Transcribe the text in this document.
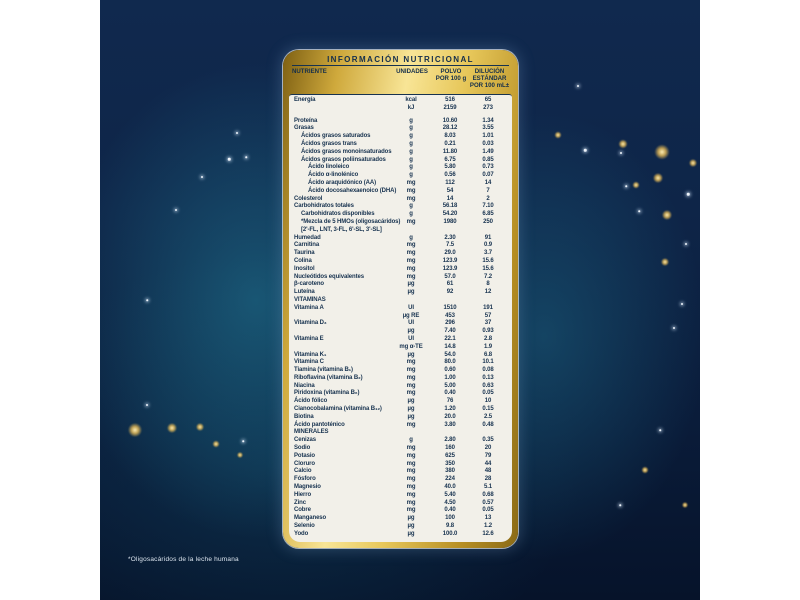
INFORMACIÓN NUTRICIONAL
NUTRIENTE	UNIDADES	POLVO
POR 100 g
DILUCIÓN
ESTÁNDAR
POR 100 mL±
Energía	kcal	516	65
kJ	2159	273
Proteína	g	10.60	1.34
Grasas	g	28.12	3.55
Ácidos grasos saturados	g	8.03	1.01
Ácidos grasos trans	g	0.21	0.03
Ácidos grasos monoinsaturados	g	11.80	1.49
Ácidos grasos poliinsaturados	g	6.75	0.85
Ácido linoleico	g	5.80	0.73
Ácido α-linolénico	g	0.56	0.07
Ácido araquidónico (AA)	mg	112	14
Ácido docosahexaenoico (DHA)	mg	54	7
Colesterol	mg	14	2
Carbohidratos totales	g	56.18	7.10
Carbohidratos disponibles	g	54.20	6.85
*Mezcla de 5 HMOs (oligosacáridos)	mg	1980	250
[2'-FL, LNT, 3-FL, 6'-SL, 3'-SL]
Humedad	g	2.30	91
Carnitina	mg	7.5	0.9
Taurina	mg	29.0	3.7
Colina	mg	123.9	15.6
Inositol	mg	123.9	15.6
Nucleótidos equivalentes	mg	57.0	7.2
β-caroteno	µg	61	8
Luteína	µg	92	12
VITAMINAS
Vitamina A	UI	1510	191
µg RE	453	57
Vitamina D₃	UI	296	37
µg	7.40	0.93
Vitamina E	UI	22.1	2.8
mg α-TE	14.8	1.9
Vitamina K₁	µg	54.0	6.8
Vitamina C	mg	80.0	10.1
Tiamina (vitamina B₁)	mg	0.60	0.08
Riboflavina (vitamina B₂)	mg	1.00	0.13
Niacina	mg	5.00	0.63
Piridoxina (vitamina B₆)	mg	0.40	0.05
Ácido fólico	µg	76	10
Cianocobalamina (vitamina B₁₂)	µg	1.20	0.15
Biotina	µg	20.0	2.5
Ácido pantoténico	mg	3.80	0.48
MINERALES
Cenizas	g	2.80	0.35
Sodio	mg	160	20
Potasio	mg	625	79
Cloruro	mg	350	44
Calcio	mg	380	48
Fósforo	mg	224	28
Magnesio	mg	40.0	5.1
Hierro	mg	5.40	0.68
Zinc	mg	4.50	0.57
Cobre	mg	0.40	0.05
Manganeso	µg	100	13
Selenio	µg	9.8	1.2
Yodo	µg	100.0	12.6
*Oligosacáridos de la leche humana
